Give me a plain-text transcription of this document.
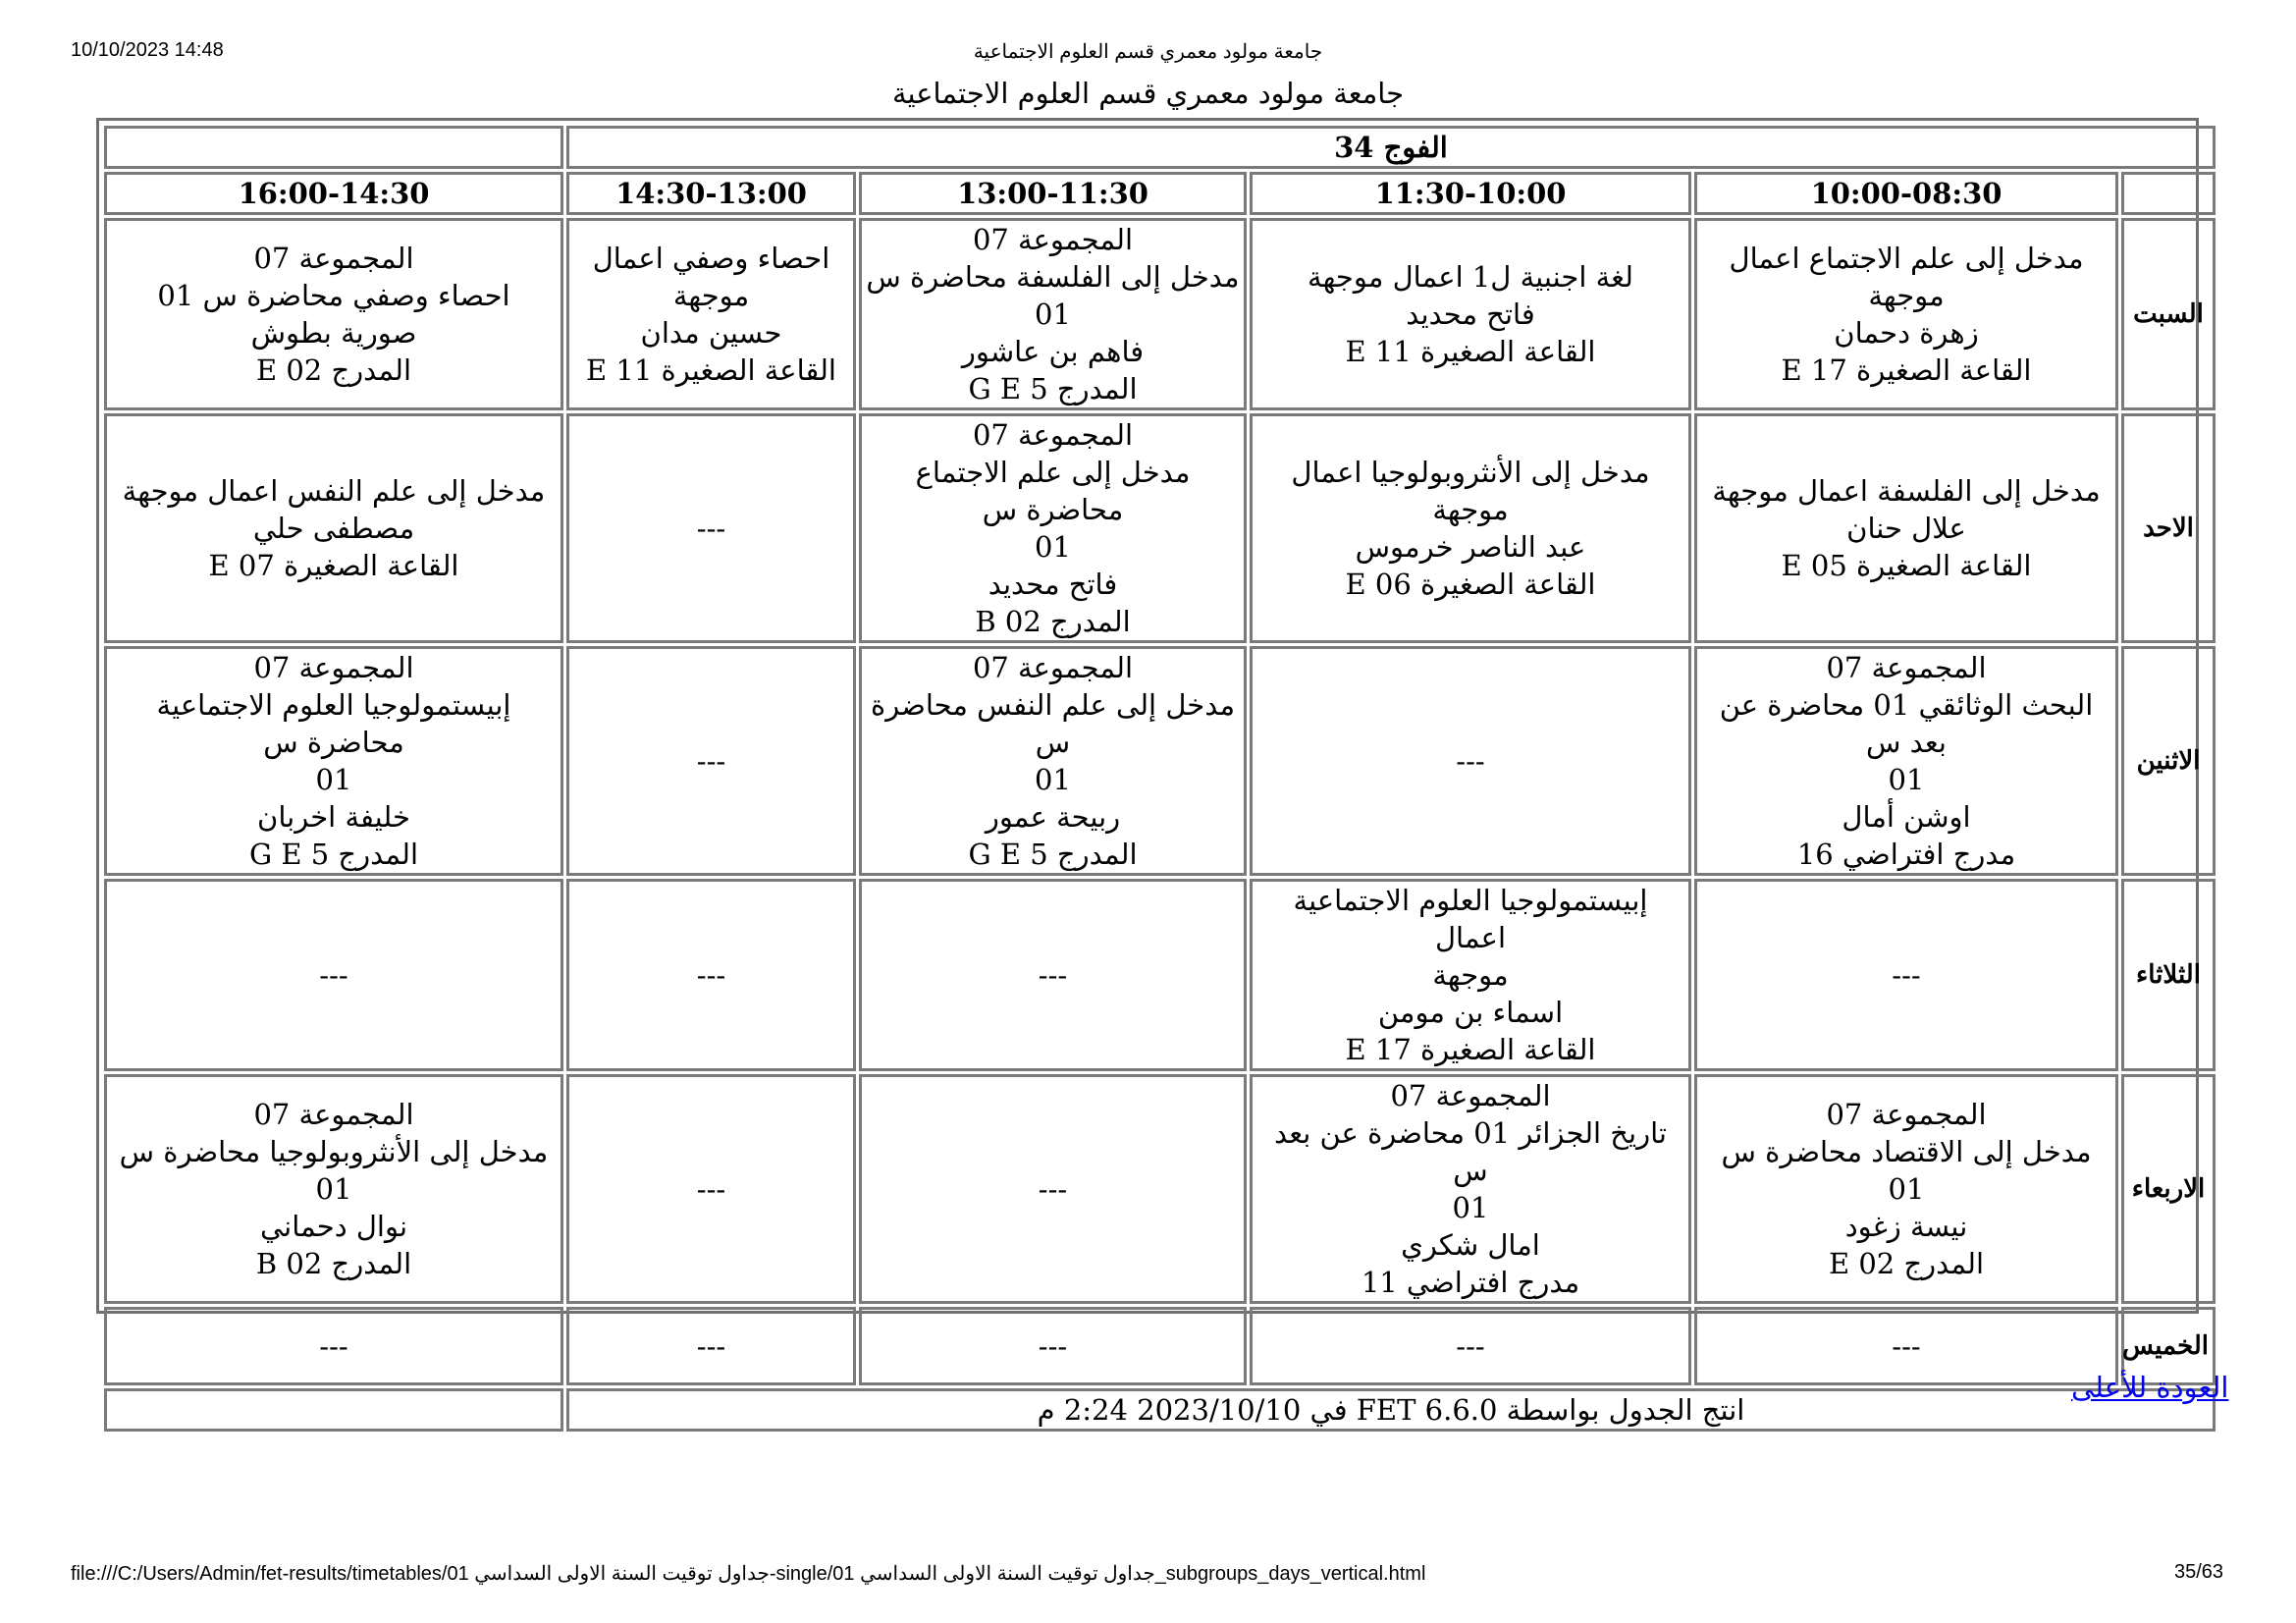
10/10/2023 14:48	جامعة مولود معمري قسم العلوم الاجتماعية
جامعة مولود معمري قسم العلوم الاجتماعية
الفوج 34					
	10:00-08:30	11:30-10:00	13:00-11:30	14:30-13:00	16:00-14:30
السبت	مدخل إلى علم الاجتماع اعمال موجهة
زهرة دحمان
القاعة الصغيرة 17 E	لغة اجنبية ل1 اعمال موجهة
فاتح محديد
القاعة الصغيرة 11 E	المجموعة 07
مدخل إلى الفلسفة محاضرة س 01
فاهم بن عاشور
المدرج 5 G E	احصاء وصفي اعمال
موجهة
حسين مدان
القاعة الصغيرة 11 E	المجموعة 07
احصاء وصفي محاضرة س 01
صورية بطوش
المدرج 02 E

الاحد	مدخل إلى الفلسفة اعمال موجهة
علال حنان
القاعة الصغيرة 05 E	مدخل إلى الأنثروبولوجيا اعمال موجهة
عبد الناصر خرموس
القاعة الصغيرة 06 E	المجموعة 07
مدخل إلى علم الاجتماع محاضرة س
01
فاتح محديد
المدرج 02 B	---	مدخل إلى علم النفس اعمال موجهة
مصطفى حلي
القاعة الصغيرة 07 E

الاثنين	المجموعة 07
البحث الوثائقي 01 محاضرة عن بعد س
01
اوشن أمال
مدرج افتراضي 16	---	المجموعة 07
مدخل إلى علم النفس محاضرة س
01
ربيحة عمور
المدرج 5 G E	---	المجموعة 07
إبيستمولوجيا العلوم الاجتماعية محاضرة س
01
خليفة اخربان
المدرج 5 G E

الثلاثاء	---	إبيستمولوجيا العلوم الاجتماعية اعمال
موجهة
اسماء بن مومن
القاعة الصغيرة 17 E	---	---	---

الاربعاء	المجموعة 07
مدخل إلى الاقتصاد محاضرة س 01
نيسة زغود
المدرج 02 E	المجموعة 07
تاريخ الجزائر 01 محاضرة عن بعد س
01
امال شكري
مدرج افتراضي 11	---	---	المجموعة 07
مدخل إلى الأنثروبولوجيا محاضرة س 01
نوال دحماني
المدرج 02 B

الخميس	---	---	---	---	---

انتج الجدول بواسطة FET 6.6.0 في 2023/10/10 2:24 م					
العودة للأعلى
file:///C:/Users/Admin/fet-results/timetables/01 جداول توقيت السنة الاولى السداسي-single/01 جداول توقيت السنة الاولى السداسي_subgroups_days_vertical.html	35/63
